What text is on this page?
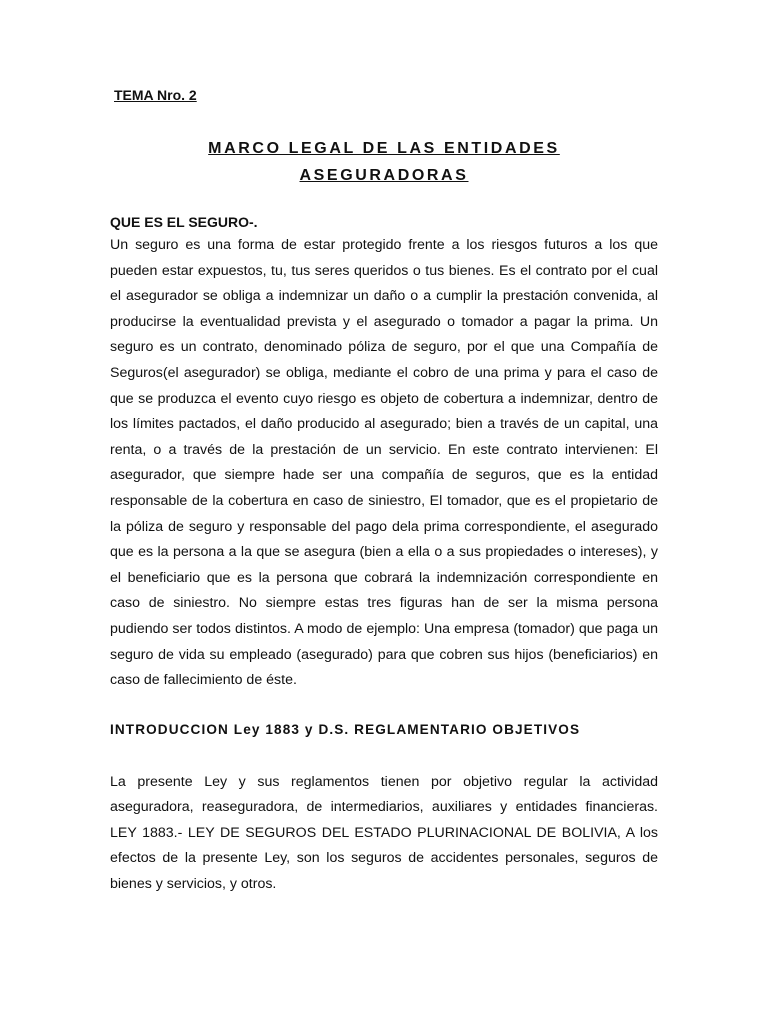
TEMA Nro. 2

MARCO LEGAL DE LAS ENTIDADES
ASEGURADORAS
QUE ES EL SEGURO-.

Un seguro es una forma de estar protegido frente a los riesgos futuros a los que pueden estar expuestos, tu, tus seres queridos o tus bienes. Es el contrato por el cual el asegurador se obliga a indemnizar un daño o a cumplir la prestación convenida, al producirse la eventualidad prevista y el asegurado o tomador a pagar la prima. Un seguro es un contrato, denominado póliza de seguro, por el que una Compañía de Seguros(el asegurador) se obliga, mediante el cobro de una prima y para el caso de que se produzca el evento cuyo riesgo es objeto de cobertura a indemnizar, dentro de los límites pactados, el daño producido al asegurado; bien a través de un capital, una renta, o a través de la prestación de un servicio. En este contrato intervienen: El asegurador, que siempre hade ser una compañía de seguros, que es la entidad responsable de la cobertura en caso de siniestro, El tomador, que es el propietario de la póliza de seguro y responsable del pago dela prima correspondiente, el asegurado que es la persona a la que se asegura (bien a ella o a sus propiedades o intereses), y el beneficiario que es la persona que cobrará la indemnización correspondiente en caso de siniestro. No siempre estas tres figuras han de ser la misma persona pudiendo ser todos distintos. A modo de ejemplo: Una empresa (tomador) que paga un seguro de vida su empleado (asegurado) para que cobren sus hijos (beneficiarios) en caso de fallecimiento de éste.

INTRODUCCION Ley 1883 y D.S. REGLAMENTARIO OBJETIVOS

La presente Ley y sus reglamentos tienen por objetivo regular la actividad aseguradora, reaseguradora, de intermediarios, auxiliares y entidades financieras. LEY 1883.- LEY DE SEGUROS DEL ESTADO PLURINACIONAL DE BOLIVIA, A los efectos de la presente Ley, son los seguros de accidentes personales, seguros de bienes y servicios, y otros.
